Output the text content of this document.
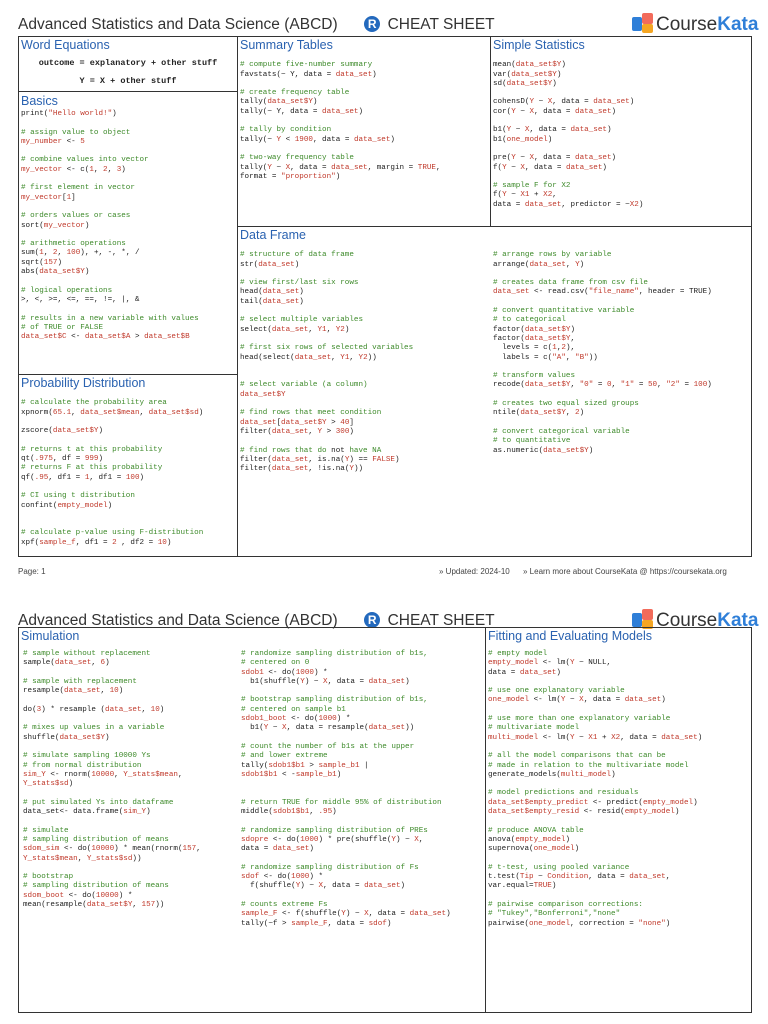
Advanced Statistics and Data Science (ABCD)	R CHEAT SHEET	CourseKata
Word Equations
outcome = explanatory + other stuff
Y = X + other stuff
Basics
print("Hello world!")

# assign value to object
my_number <- 5

# combine values into vector
my_vector <- c(1, 2, 3)

# first element in vector
my_vector[1]

# orders values or cases
sort(my_vector)

# arithmetic operations
sum(1, 2, 100), +, -, *, /
sqrt(157)
abs(data_set$Y)

# logical operations
>, <, >=, <=, ==, !=, |, &

# results in a new variable with values
# of TRUE or FALSE
data_set$C <- data_set$A > data_set$B
Probability Distribution

# calculate the probability area
xpnorm(65.1, data_set$mean, data_set$sd)

zscore(data_set$Y)

# returns t at this probability
qt(.975, df = 999)
# returns F at this probability
qf(.95, df1 = 1, df1 = 100)

# CI using t distribution
confint(empty_model)

# calculate p-value using F-distribution
xpf(sample_f, df1 = 2 , df2 = 10)
Summary Tables

# compute five-number summary
favstats(~ Y, data = data_set)

# create frequency table
tally(data_set$Y)
tally(~ Y, data = data_set)

# tally by condition
tally(~ Y < 1900, data = data_set)

# two-way frequency table
tally(Y ~ X, data = data_set, margin = TRUE,
format = "proportion")
Simple Statistics

mean(data_set$Y)
var(data_set$Y)
sd(data_set$Y)

cohensD(Y ~ X, data = data_set)
cor(Y ~ X, data = data_set)

b1(Y ~ X, data = data_set)
b1(one_model)

pre(Y ~ X, data = data_set)
f(Y ~ X, data = data_set)

# sample F for X2
f(Y ~ X1 + X2,
data = data_set, predictor = ~X2)
Data Frame

# structure of data frame
str(data_set)

# view first/last six rows
head(data_set)
tail(data_set)

# select multiple variables
select(data_set, Y1, Y2)

# first six rows of selected variables
head(select(data_set, Y1, Y2))

# select variable (a column)
data_set$Y

# find rows that meet condition
data_set[data_set$Y > 40]
filter(data_set, Y > 300)

# find rows that do not have NA
filter(data_set, is.na(Y) == FALSE)
filter(data_set, !is.na(Y))

# arrange rows by variable
arrange(data_set, Y)

# creates data frame from csv file
data_set <- read.csv("file_name", header = TRUE)

# convert quantitative variable
# to categorical
factor(data_set$Y)
factor(data_set$Y,
levels = c(1,2),
labels = c("A", "B"))

# transform values
recode(data_set$Y, "0" = 0, "1" = 50, "2" = 100)

# creates two equal sized groups
ntile(data_set$Y, 2)

# convert categorical variable
# to quantitative
as.numeric(data_set$Y)
Page: 1	» Updated: 2024-10 » Learn more about CourseKata @ https://coursekata.org
Advanced Statistics and Data Science (ABCD)	R CHEAT SHEET	CourseKata
Simulation
# sample without replacement
sample(data_set, 6)

# sample with replacement
resample(data_set, 10)

do(3) * resample (data_set, 10)

# mixes up values in a variable
shuffle(data_set$Y)

# simulate sampling 10000 Ys
# from normal distribution
sim_Y <- rnorm(10000, Y_stats$mean,
Y_stats$sd)

# put simulated Ys into dataframe
data_set<- data.frame(sim_Y)

# simulate
# sampling distribution of means
sdom_sim <- do(10000) * mean(rnorm(157,
Y_stats$mean, Y_stats$sd))

# bootstrap
# sampling distribution of means
sdom_boot <- do(10000) *
mean(resample(data_set$Y, 157))
# randomize sampling distribution of b1s,
# centered on 0
sdob1 <- do(1000) *
b1(shuffle(Y) ~ X, data = data_set)

# bootstrap sampling distribution of b1s,
# centered on sample b1
sdob1_boot <- do(1000) *
b1(Y ~ X, data = resample(data_set))

# count the number of b1s at the upper
# and lower extreme
tally(sdob1$b1 > sample_b1 |
sdob1$b1 < -sample_b1)

# return TRUE for middle 95% of distribution
middle(sdob1$b1, .95)

# randomize sampling distribution of PREs
sdopre <- do(1000) * pre(shuffle(Y) ~ X,
data = data_set)

# randomize sampling distribution of Fs
sdof <- do(1000) *
f(shuffle(Y) ~ X, data = data_set)

# counts extreme Fs
sample_F <- f(shuffle(Y) ~ X, data = data_set)
tally(~f > sample_F, data = sdof)
Fitting and Evaluating Models
# empty model
empty_model <- lm(Y ~ NULL,
data = data_set)

# use one explanatory variable
one_model <- lm(Y ~ X, data = data_set)

# use more than one explanatory variable
# multivariate model
multi_model <- lm(Y ~ X1 + X2, data = data_set)

# all the model comparisons that can be
# made in relation to the multivariate model
generate_models(multi_model)

# model predictions and residuals
data_set$empty_predict <- predict(empty_model)
data_set$empty_resid <- resid(empty_model)

# produce ANOVA table
anova(empty_model)
supernova(one_model)

# t-test, using pooled variance
t.test(Tip ~ Condition, data = data_set,
var.equal=TRUE)

# pairwise comparison corrections:
# "Tukey","Bonferroni","none"
pairwise(one_model, correction = "none")
